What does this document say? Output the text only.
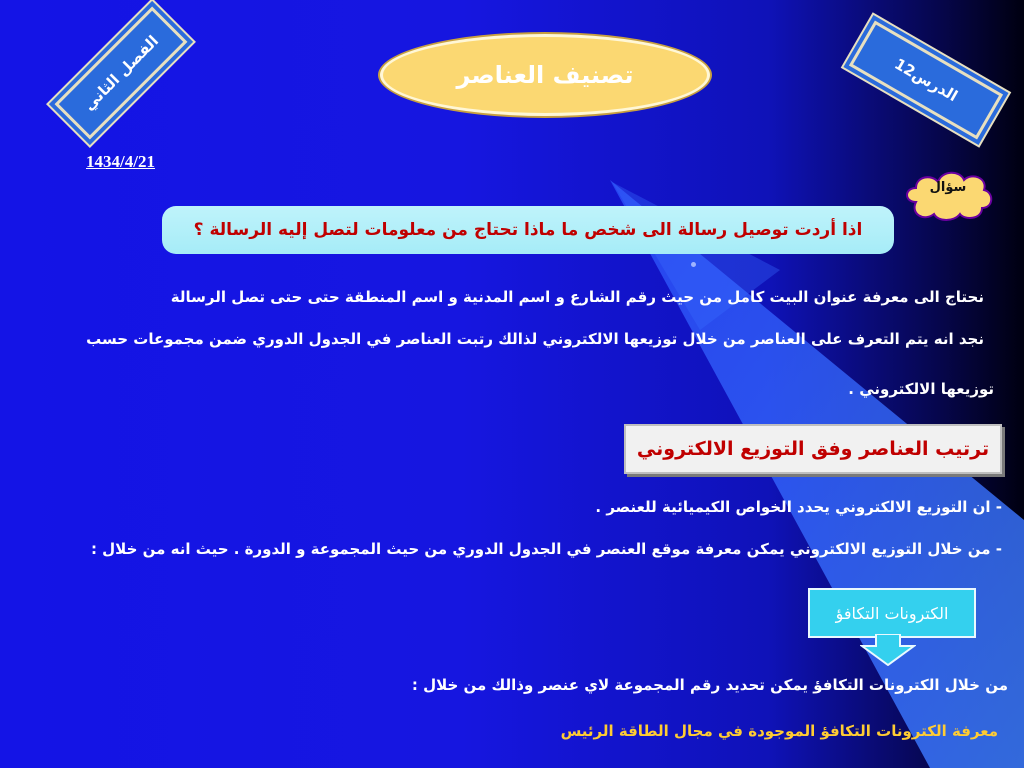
الفصل الثاني	الدرس12
تصنيف العناصر
1434/4/21
سؤال
اذا أردت توصيل رسالة الى شخص ما ماذا تحتاج من معلومات لتصل إليه الرسالة ؟
نحتاج الى معرفة عنوان البيت كامل من حيث رقم الشارع و اسم المدنية و اسم المنطقة حتى حتى تصل الرسالة
نجد انه يتم التعرف على العناصر من خلال توزيعها الالكتروني لذالك رتبت العناصر في الجدول الدوري ضمن مجموعات حسب
توزيعها الالكتروني .
ترتيب العناصر وفق التوزيع الالكتروني
- ان التوزيع الالكتروني يحدد الخواص الكيميائية للعنصر .
- من خلال التوزيع الالكتروني يمكن معرفة موقع العنصر في الجدول الدوري من حيث المجموعة و الدورة . حيث انه من خلال :
الكترونات التكافؤ
من خلال الكترونات التكافؤ يمكن تحديد رقم المجموعة لاي عنصر وذالك من خلال :
معرفة الكترونات التكافؤ الموجودة في مجال الطاقة الرئيس
